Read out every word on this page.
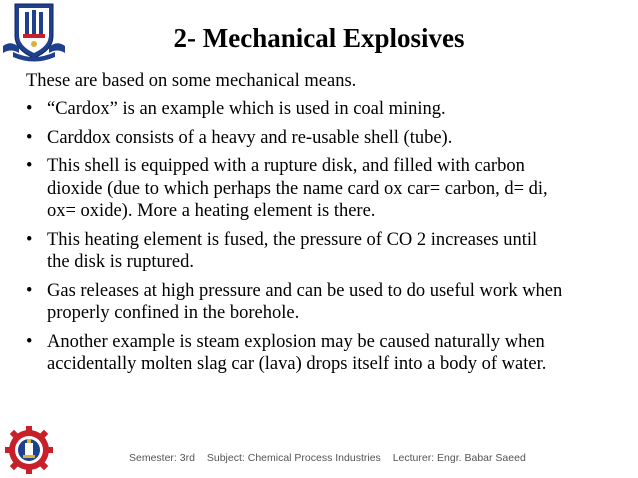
2- Mechanical Explosives
These are based on some mechanical means.
• “Cardox” is an example which is used in coal mining.
• Carddox consists of a heavy and re-usable shell (tube).
• This shell is equipped with a rupture disk, and filled with carbon
dioxide (due to which perhaps the name card ox car= carbon, d= di,
ox= oxide). More a heating element is there.
• This heating element is fused, the pressure of CO 2 increases until
the disk is ruptured.
• Gas releases at high pressure and can be used to do useful work when
properly confined in the borehole.
• Another example is steam explosion may be caused naturally when
accidentally molten slag car (lava) drops itself into a body of water.
Semester: 3rd Subject: Chemical Process Industries Lecturer: Engr. Babar Saeed
